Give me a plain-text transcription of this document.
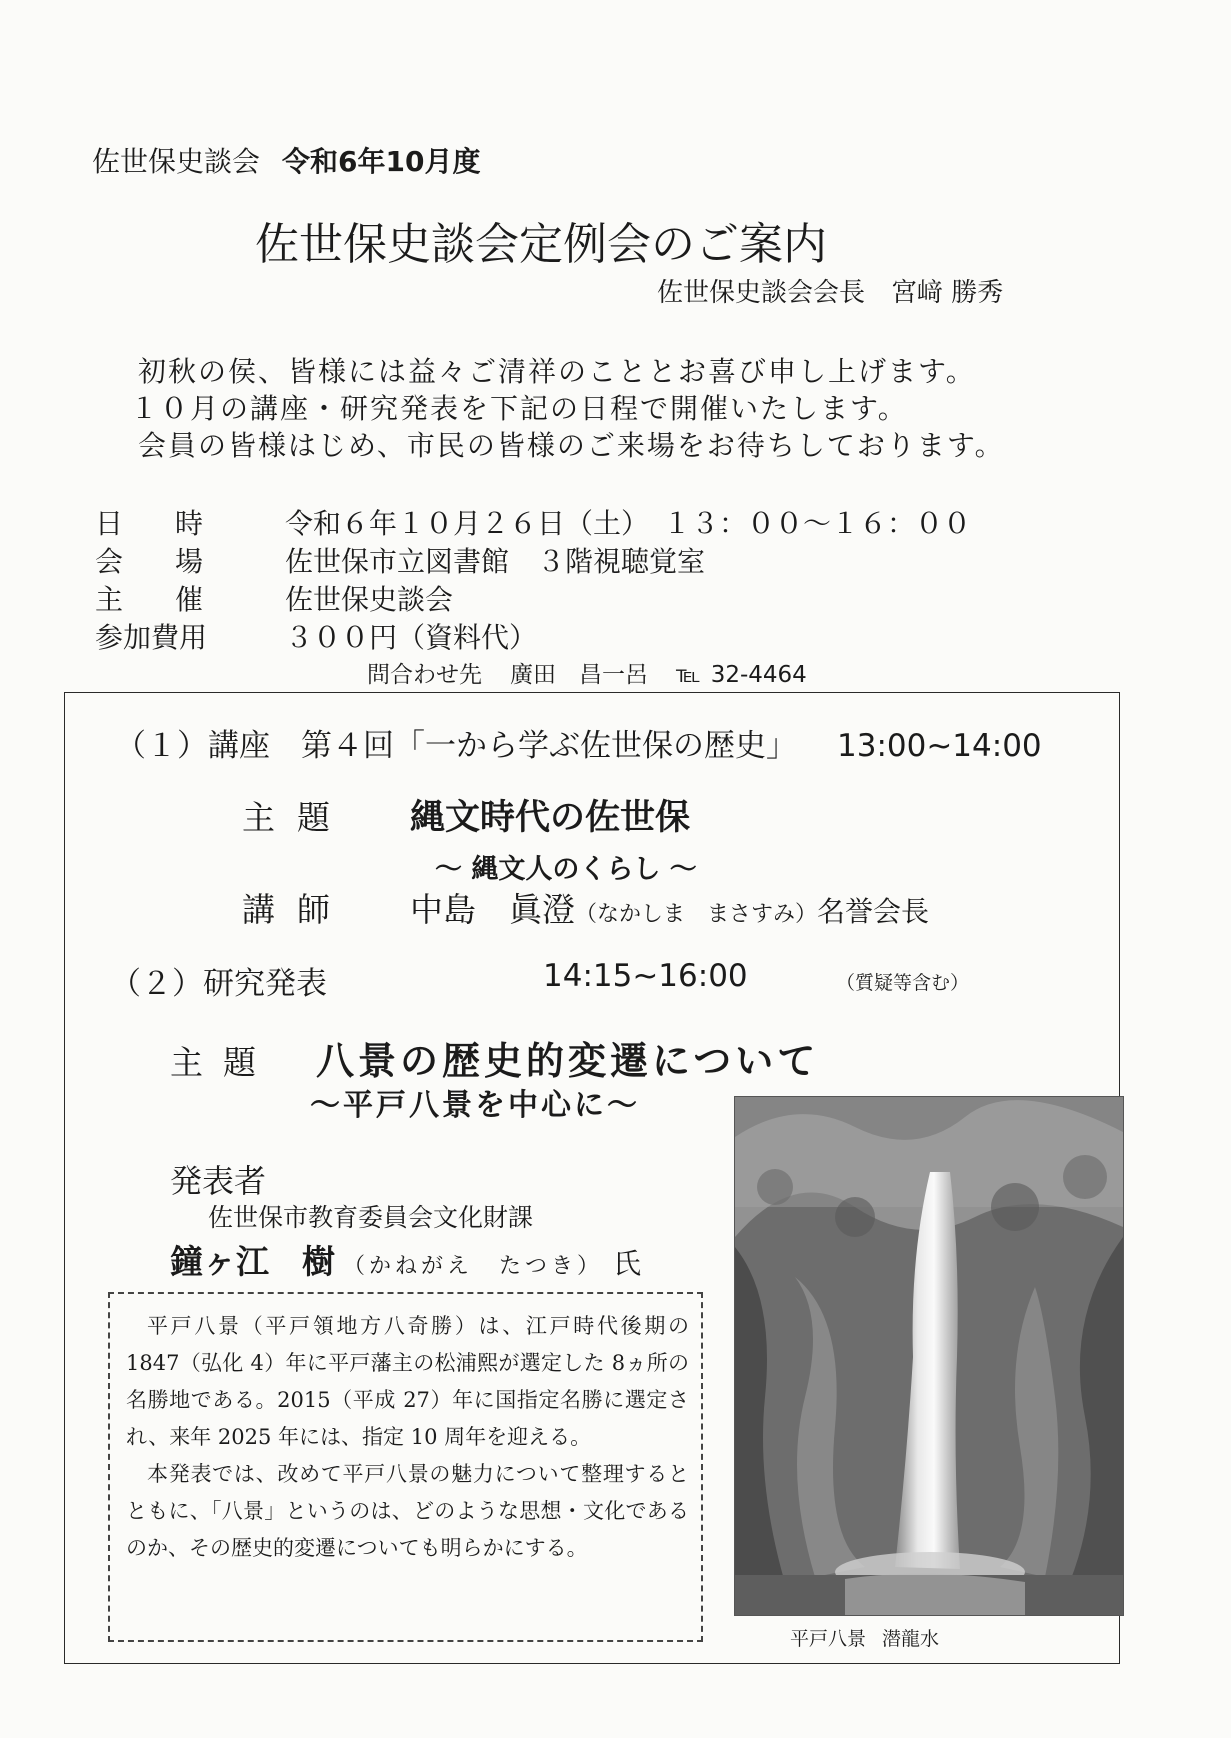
佐世保史談会 令和6年10月度
佐世保史談会定例会のご案内
佐世保史談会会長　宮﨑 勝秀
初秋の侯、皆様には益々ご清祥のこととお喜び申し上げます。
１０月の講座・研究発表を下記の日程で開催いたします。
会員の皆様はじめ、市民の皆様のご来場をお待ちしております。
日時 令和６年１０月２６日（土）　１３：００～１６：００
会場 佐世保市立図書館　３階視聴覚室
主催 佐世保史談会
参加費用	３００円（資料代）
問合わせ先 廣田　昌一呂 ℡ 32-4464
（１）講座　第４回「一から学ぶ佐世保の歴史」 13:00~14:00
主題 縄文時代の佐世保
～ 縄文人のくらし ～
講師 中島　眞澄（なかしま　まさすみ）名誉会長
（２）研究発表	14:15~16:00	（質疑等含む）
主題 八景の歴史的変遷について
～平戸八景を中心に～
発表者
佐世保市教育委員会文化財課
鐘ヶ江　樹 （かねがえ　たつき） 氏

平戸八景（平戸領地方八奇勝）は、江戸時代後期の 1847（弘化 4）年に平戸藩主の松浦熙が選定した 8ヵ所の名勝地である。2015（平成 27）年に国指定名勝に選定され、来年 2025 年には、指定 10 周年を迎える。

本発表では、改めて平戸八景の魅力について整理するとともに、「八景」というのは、どのような思想・文化であるのか、その歴史的変遷についても明らかにする。

平戸八景 潜龍水
